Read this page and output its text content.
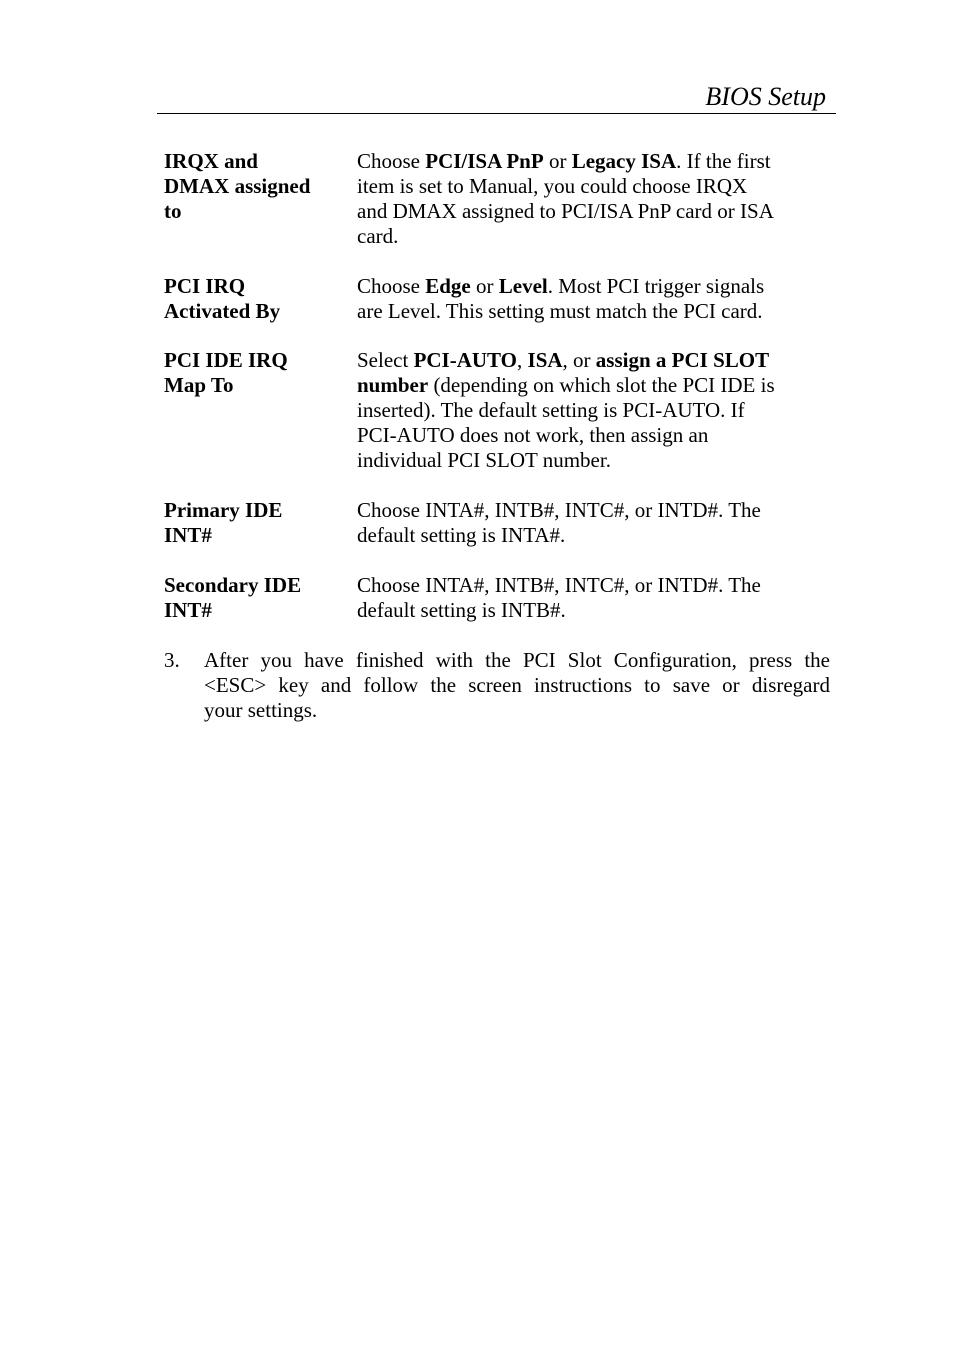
BIOS Setup
IRQX and
DMAX assigned
to
Choose PCI/ISA PnP or Legacy ISA. If the first
item is set to Manual, you could choose IRQX
and DMAX assigned to PCI/ISA PnP card or ISA
card.
PCI IRQ
Activated By
Choose Edge or Level. Most PCI trigger signals
are Level. This setting must match the PCI card.
PCI IDE IRQ
Map To
Select PCI-AUTO, ISA, or assign a PCI SLOT
number (depending on which slot the PCI IDE is
inserted). The default setting is PCI-AUTO. If
PCI-AUTO does not work, then assign an
individual PCI SLOT number.
Primary IDE
INT#
Choose INTA#, INTB#, INTC#, or INTD#. The
default setting is INTA#.
Secondary IDE
INT#
Choose INTA#, INTB#, INTC#, or INTD#. The
default setting is INTB#.
3. After you have finished with the PCI Slot Configuration, press the
<ESC> key and follow the screen instructions to save or disregard
your settings.
